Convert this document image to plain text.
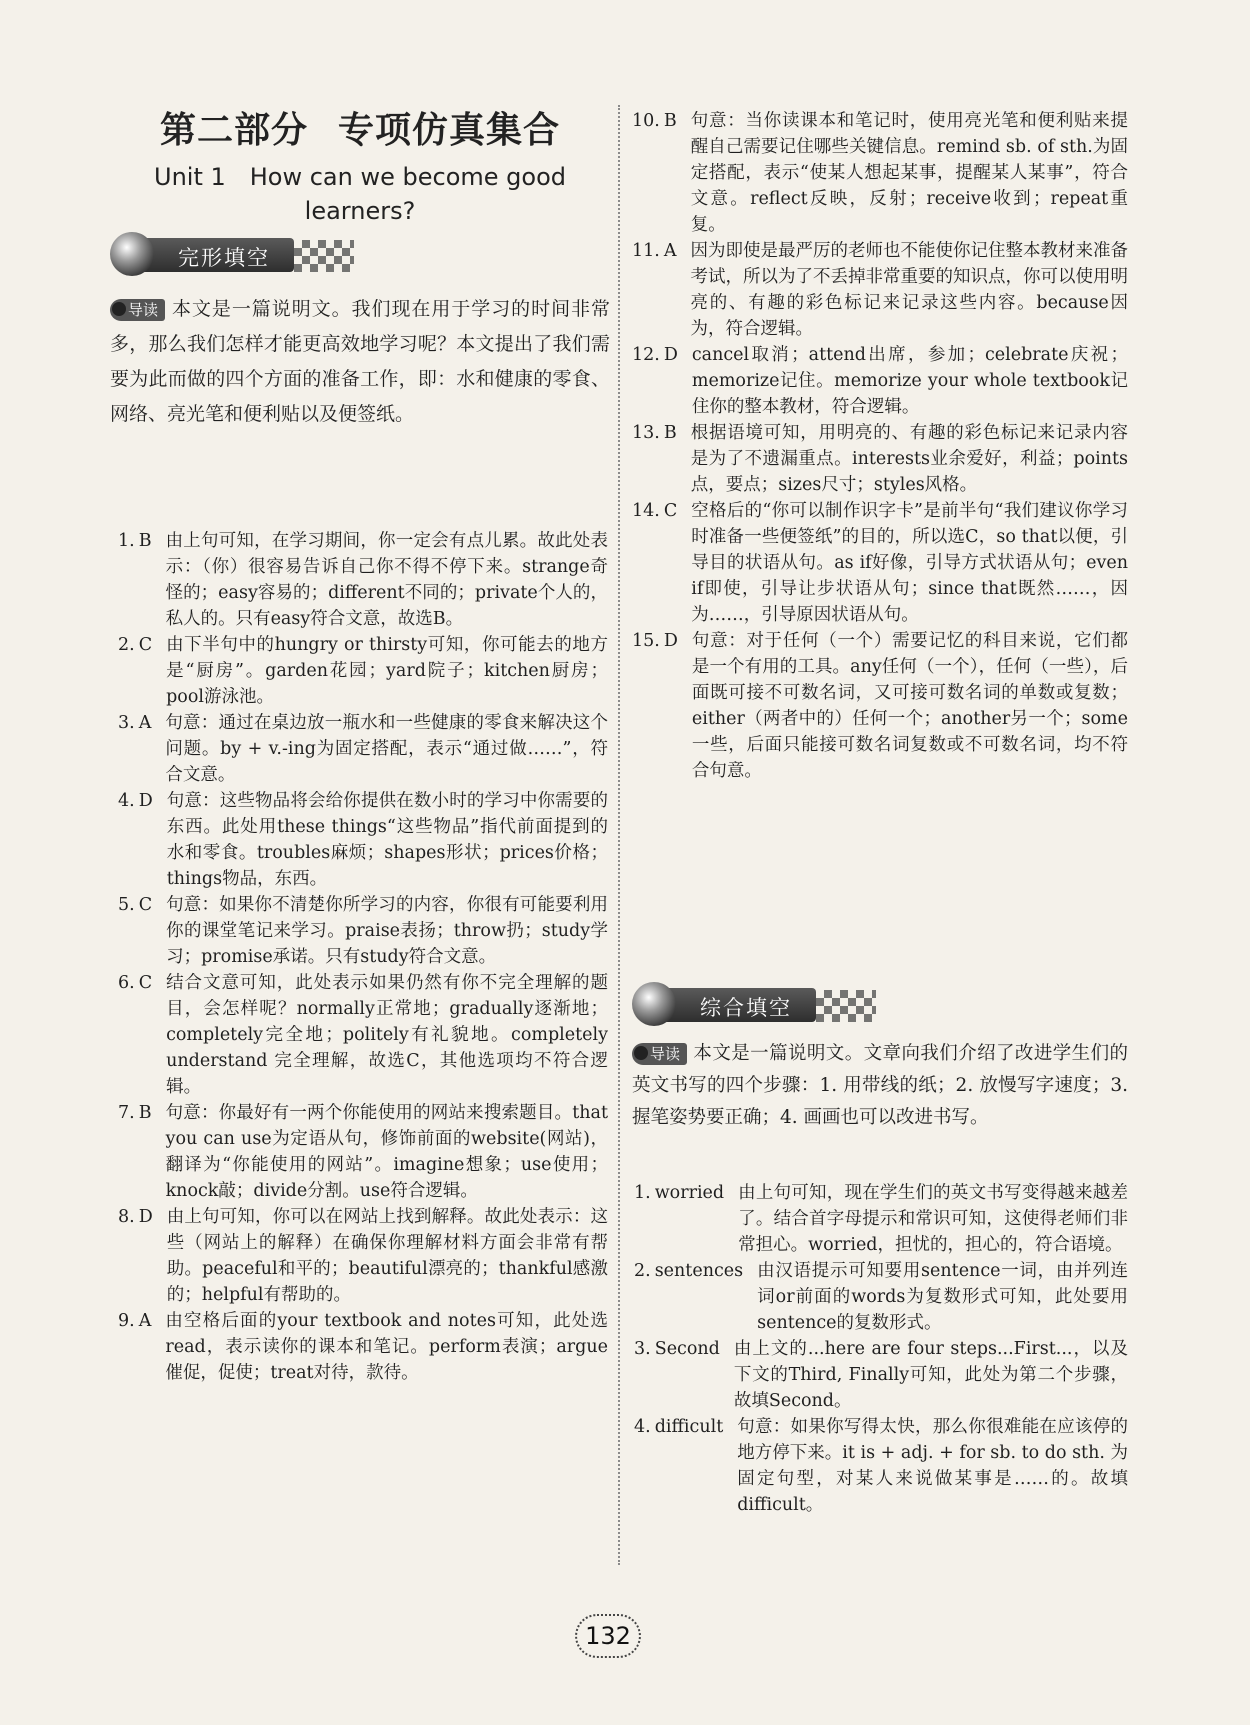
第二部分 专项仿真集合
Unit 1　How can we become good learners?
完形填空
导读 本文是一篇说明文。我们现在用于学习的时间非常多，那么我们怎样才能更高效地学习呢？本文提出了我们需要为此而做的四个方面的准备工作，即：水和健康的零食、网络、亮光笔和便利贴以及便签纸。
1. B 由上句可知，在学习期间，你一定会有点儿累。故此处表示：（你）很容易告诉自己你不得不停下来。strange奇怪的；easy容易的；different不同的；private个人的，私人的。只有easy符合文意，故选B。
2. C 由下半句中的hungry or thirsty可知，你可能去的地方是“厨房”。garden花园；yard院子；kitchen厨房；pool游泳池。
3. A 句意：通过在桌边放一瓶水和一些健康的零食来解决这个问题。by + v.-ing为固定搭配，表示“通过做……”，符合文意。
4. D 句意：这些物品将会给你提供在数小时的学习中你需要的东西。此处用these things“这些物品”指代前面提到的水和零食。troubles麻烦；shapes形状；prices价格；things物品，东西。
5. C 句意：如果你不清楚你所学习的内容，你很有可能要利用你的课堂笔记来学习。praise表扬；throw扔；study学习；promise承诺。只有study符合文意。
6. C 结合文意可知，此处表示如果仍然有你不完全理解的题目，会怎样呢？normally正常地；gradually逐渐地；completely完全地；politely有礼貌地。completely understand 完全理解，故选C，其他选项均不符合逻辑。
7. B 句意：你最好有一两个你能使用的网站来搜索题目。that you can use为定语从句，修饰前面的website(网站)，翻译为“你能使用的网站”。imagine想象；use使用；knock敲；divide分割。use符合逻辑。
8. D 由上句可知，你可以在网站上找到解释。故此处表示：这些（网站上的解释）在确保你理解材料方面会非常有帮助。peaceful和平的；beautiful漂亮的；thankful感激的；helpful有帮助的。
9. A 由空格后面的your textbook and notes可知，此处选read，表示读你的课本和笔记。perform表演；argue催促，促使；treat对待，款待。
10. B 句意：当你读课本和笔记时，使用亮光笔和便利贴来提醒自己需要记住哪些关键信息。remind sb. of sth.为固定搭配，表示“使某人想起某事，提醒某人某事”，符合文意。reflect反映，反射；receive收到；repeat重复。
11. A 因为即使是最严厉的老师也不能使你记住整本教材来准备考试，所以为了不丢掉非常重要的知识点，你可以使用明亮的、有趣的彩色标记来记录这些内容。because因为，符合逻辑。
12. D cancel取消；attend出席，参加；celebrate庆祝；memorize记住。memorize your whole textbook记住你的整本教材，符合逻辑。
13. B 根据语境可知，用明亮的、有趣的彩色标记来记录内容是为了不遗漏重点。interests业余爱好，利益；points点，要点；sizes尺寸；styles风格。
14. C 空格后的“你可以制作识字卡”是前半句“我们建议你学习时准备一些便签纸”的目的，所以选C，so that以便，引导目的状语从句。as if好像，引导方式状语从句；even if即使，引导让步状语从句；since that既然……，因为……，引导原因状语从句。
15. D 句意：对于任何（一个）需要记忆的科目来说，它们都是一个有用的工具。any任何（一个），任何（一些），后面既可接不可数名词，又可接可数名词的单数或复数；either（两者中的）任何一个；another另一个；some一些，后面只能接可数名词复数或不可数名词，均不符合句意。
综合填空
导读 本文是一篇说明文。文章向我们介绍了改进学生们的英文书写的四个步骤：1. 用带线的纸；2. 放慢写字速度；3. 握笔姿势要正确；4. 画画也可以改进书写。
1. worried 由上句可知，现在学生们的英文书写变得越来越差了。结合首字母提示和常识可知，这使得老师们非常担心。worried，担忧的，担心的，符合语境。
2. sentences 由汉语提示可知要用sentence一词，由并列连词or前面的words为复数形式可知，此处要用sentence的复数形式。
3. Second 由上文的...here are four steps...First...，以及下文的Third, Finally可知，此处为第二个步骤，故填Second。
4. difficult 句意：如果你写得太快，那么你很难能在应该停的地方停下来。it is + adj. + for sb. to do sth. 为固定句型，对某人来说做某事是……的。故填difficult。
132
